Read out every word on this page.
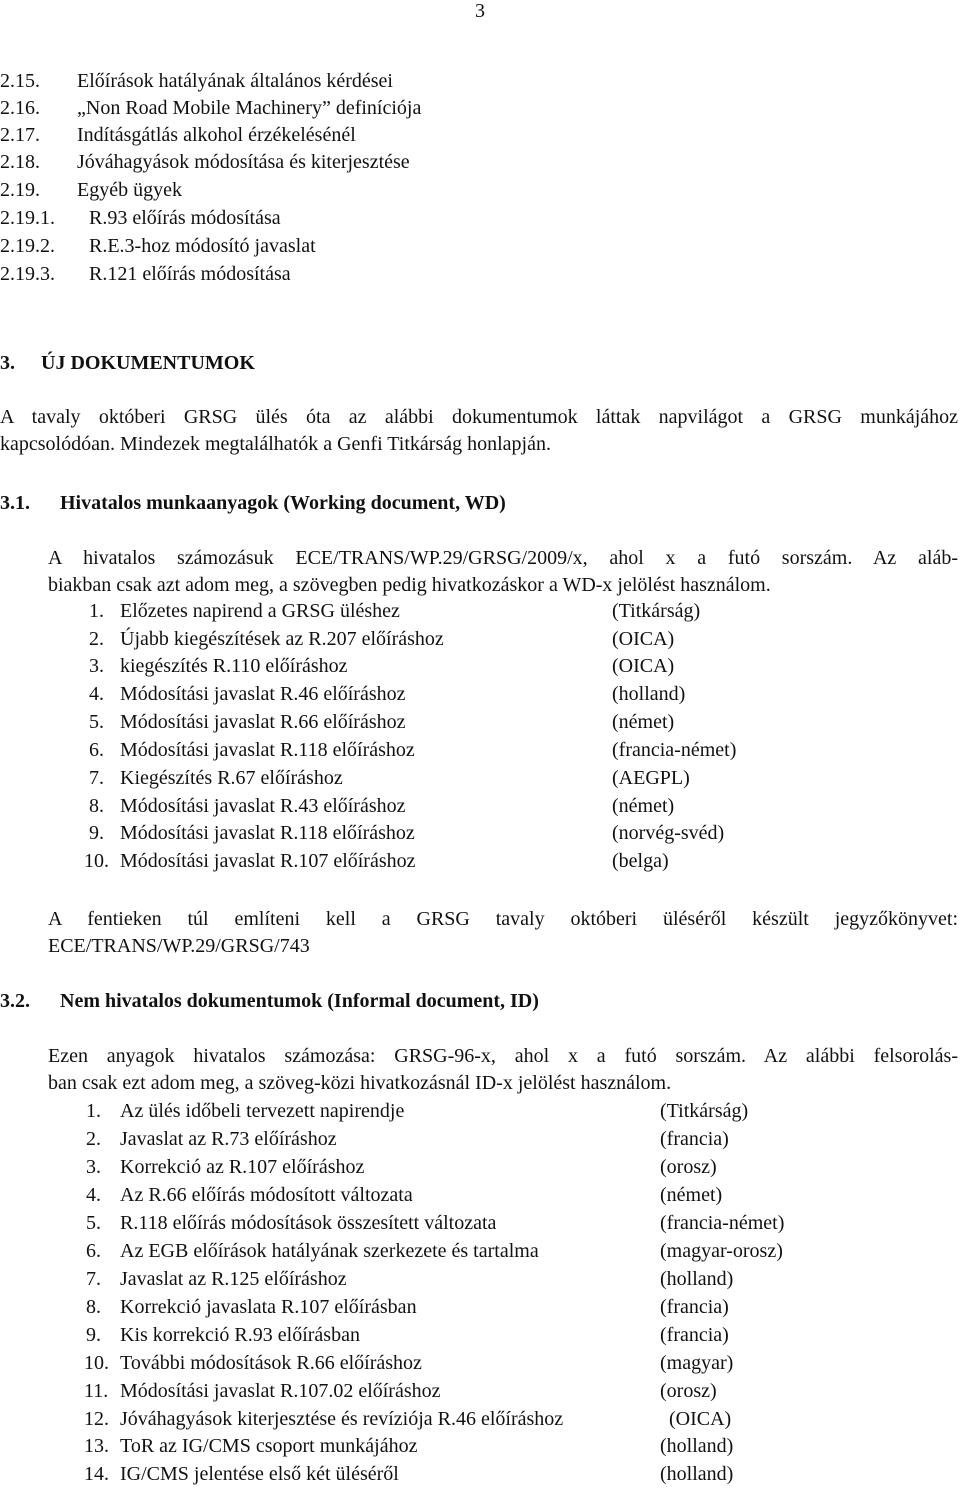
3
2.15. Előírások hatályának általános kérdései
2.16. „Non Road Mobile Machinery” definíciója
2.17. Indításgátlás alkohol érzékelésénél
2.18. Jóváhagyások módosítása és kiterjesztése
2.19. Egyéb ügyek
2.19.1. R.93 előírás módosítása
2.19.2. R.E.3-hoz módosító javaslat
2.19.3. R.121 előírás módosítása
3. ÚJ DOKUMENTUMOK
A tavaly októberi GRSG ülés óta az alábbi dokumentumok láttak napvilágot a GRSG munkájához
kapcsolódóan. Mindezek megtalálhatók a Genfi Titkárság honlapján.
3.1. Hivatalos munkaanyagok (Working document, WD)
A hivatalos számozásuk ECE/TRANS/WP.29/GRSG/2009/x, ahol x a futó sorszám. Az aláb-
biakban csak azt adom meg, a szövegben pedig hivatkozáskor a WD-x jelölést használom.
1. Előzetes napirend a GRSG üléshez	(Titkárság)
2. Újabb kiegészítések az R.207 előíráshoz	(OICA)
3. kiegészítés R.110 előíráshoz	(OICA)
4. Módosítási javaslat R.46 előíráshoz	(holland)
5. Módosítási javaslat R.66 előíráshoz	(német)
6. Módosítási javaslat R.118 előíráshoz	(francia-német)
7. Kiegészítés R.67 előíráshoz	(AEGPL)
8. Módosítási javaslat R.43 előíráshoz	(német)
9. Módosítási javaslat R.118 előíráshoz	(norvég-svéd)
10. Módosítási javaslat R.107 előíráshoz	(belga)
A fentieken túl említeni kell a GRSG tavaly októberi üléséről készült jegyzőkönyvet:
ECE/TRANS/WP.29/GRSG/743
3.2. Nem hivatalos dokumentumok (Informal document, ID)
Ezen anyagok hivatalos számozása: GRSG-96-x, ahol x a futó sorszám. Az alábbi felsorolás-
ban csak ezt adom meg, a szöveg-közi hivatkozásnál ID-x jelölést használom.
1. Az ülés időbeli tervezett napirendje	(Titkárság)
2. Javaslat az R.73 előíráshoz	(francia)
3. Korrekció az R.107 előíráshoz	(orosz)
4. Az R.66 előírás módosított változata	(német)
5. R.118 előírás módosítások összesített változata	(francia-német)
6. Az EGB előírások hatályának szerkezete és tartalma	(magyar-orosz)
7. Javaslat az R.125 előíráshoz	(holland)
8. Korrekció javaslata R.107 előírásban	(francia)
9. Kis korrekció R.93 előírásban	(francia)
10. További módosítások R.66 előíráshoz	(magyar)
11. Módosítási javaslat R.107.02 előíráshoz	(orosz)
12. Jóváhagyások kiterjesztése és revíziója R.46 előíráshoz	(OICA)
13. ToR az IG/CMS csoport munkájához	(holland)
14. IG/CMS jelentése első két üléséről	(holland)
